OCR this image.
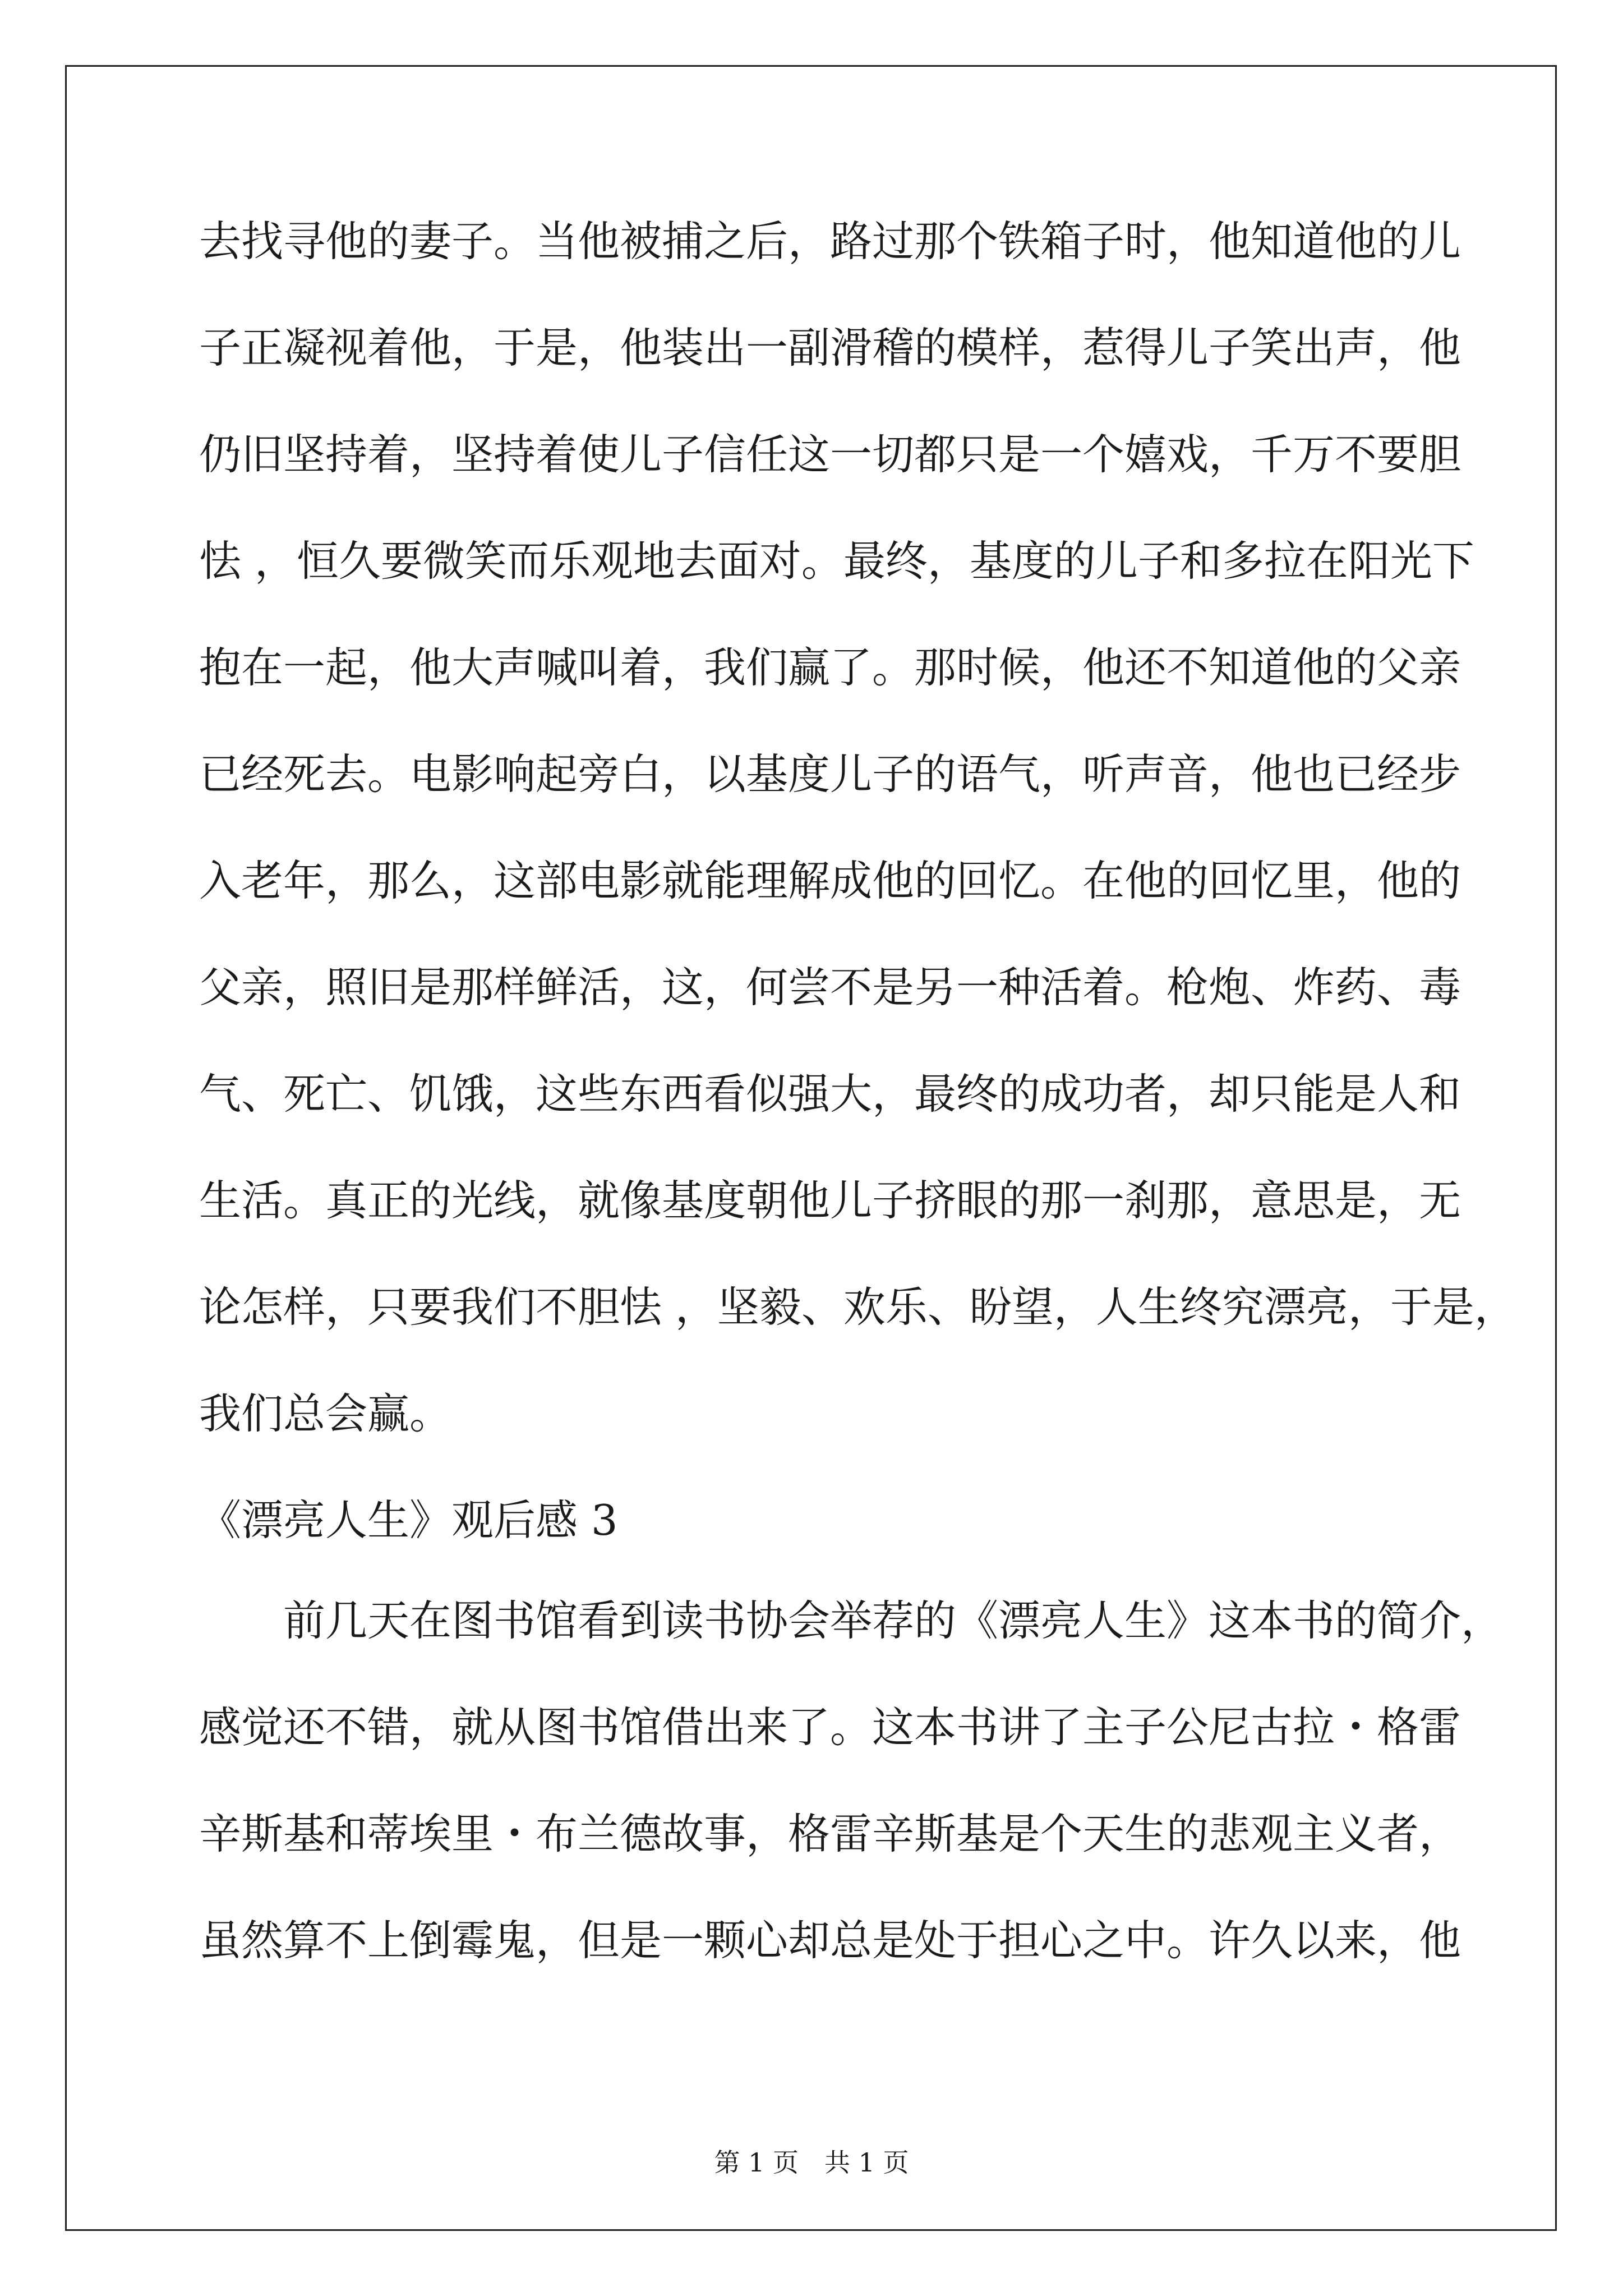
去找寻他的妻子。当他被捕之后，路过那个铁箱子时，他知道他的儿
子正凝视着他，于是，他装出一副滑稽的模样，惹得儿子笑出声，他
仍旧坚持着，坚持着使儿子信任这一切都只是一个嬉戏，千万不要胆
怯 ，恒久要微笑而乐观地去面对。最终，基度的儿子和多拉在阳光下
抱在一起，他大声喊叫着，我们赢了。那时候，他还不知道他的父亲
已经死去。电影响起旁白，以基度儿子的语气，听声音，他也已经步
入老年，那么，这部电影就能理解成他的回忆。在他的回忆里，他的
父亲，照旧是那样鲜活，这，何尝不是另一种活着。枪炮、炸药、毒
气、死亡、饥饿，这些东西看似强大，最终的成功者，却只能是人和
生活。真正的光线，就像基度朝他儿子挤眼的那一刹那，意思是，无
论怎样，只要我们不胆怯 ，坚毅、欢乐、盼望，人生终究漂亮，于是，
我们总会赢。
《漂亮人生》观后感 3
前几天在图书馆看到读书协会举荐的《漂亮人生》这本书的简介，
感觉还不错，就从图书馆借出来了。这本书讲了主子公尼古拉・格雷
辛斯基和蒂埃里・布兰德故事，格雷辛斯基是个天生的悲观主义者，
虽然算不上倒霉鬼，但是一颗心却总是处于担心之中。许久以来，他
第 1 页　共 1 页
